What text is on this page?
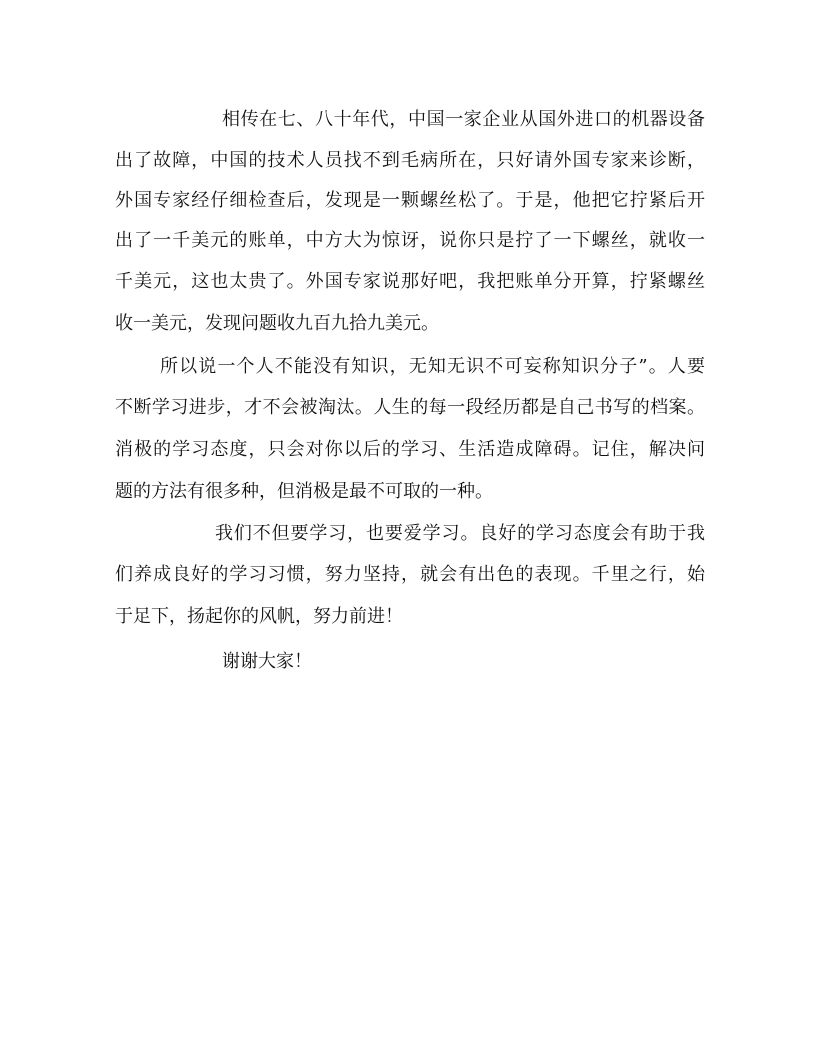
相传在七、八十年代，中国一家企业从国外进口的机器设备
出了故障，中国的技术人员找不到毛病所在，只好请外国专家来诊断，
外国专家经仔细检查后，发现是一颗螺丝松了。于是，他把它拧紧后开
出了一千美元的账单，中方大为惊讶，说你只是拧了一下螺丝，就收一
千美元，这也太贵了。外国专家说那好吧，我把账单分开算，拧紧螺丝
收一美元，发现问题收九百九拾九美元。
所以说一个人不能没有知识，无知无识不可妄称知识分子”。人要
不断学习进步，才不会被淘汰。人生的每一段经历都是自己书写的档案。
消极的学习态度，只会对你以后的学习、生活造成障碍。记住，解决问
题的方法有很多种，但消极是最不可取的一种。
我们不但要学习，也要爱学习。良好的学习态度会有助于我
们养成良好的学习习惯，努力坚持，就会有出色的表现。千里之行，始
于足下，扬起你的风帆，努力前进！
谢谢大家！
